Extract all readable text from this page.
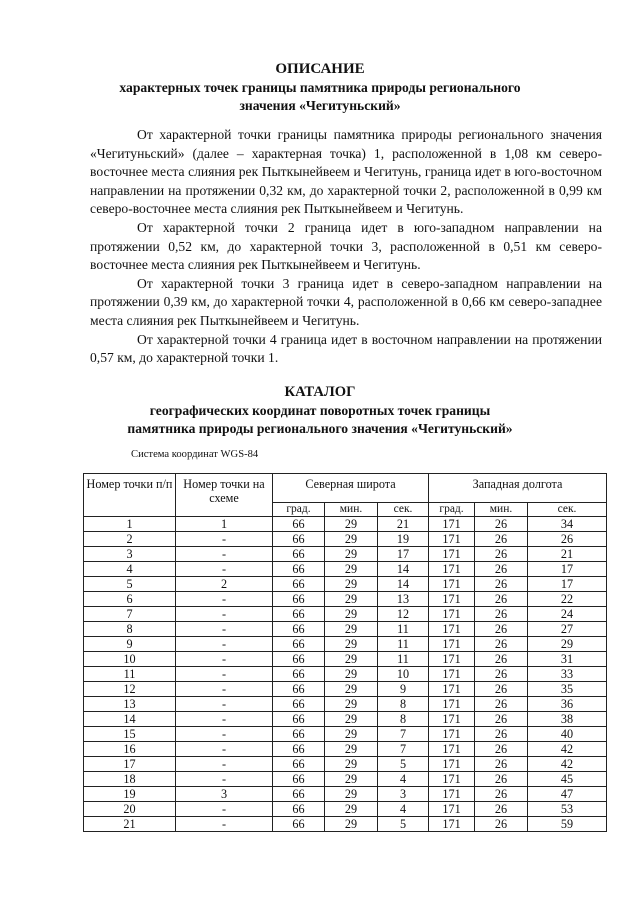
ОПИСАНИЕ
характерных точек границы памятника природы регионального
значения «Чегитуньский»

От характерной точки границы памятника природы регионального значения «Чегитуньский» (далее – характерная точка) 1, расположенной в 1,08 км северо-восточнее места слияния рек Пыткынейвеем и Чегитунь, граница идет в юго-восточном направлении на протяжении 0,32 км, до характерной точки 2, расположенной в 0,99 км северо-восточнее места слияния рек Пыткынейвеем и Чегитунь.

От характерной точки 2 граница идет в юго-западном направлении на протяжении 0,52 км, до характерной точки 3, расположенной в 0,51 км северо-восточнее места слияния рек Пыткынейвеем и Чегитунь.

От характерной точки 3 граница идет в северо-западном направлении на протяжении 0,39 км, до характерной точки 4, расположенной в 0,66 км северо-западнее места слияния рек Пыткынейвеем и Чегитунь.

От характерной точки 4 граница идет в восточном направлении на протяжении 0,57 км, до характерной точки 1.

КАТАЛОГ
географических координат поворотных точек границы
памятника природы регионального значения «Чегитуньский»
Система координат WGS-84
Номер точки п/п	Номер точки на схеме	Северная широта			Западная долгота		
		град.	мин.	сек.	град.	мин.	сек.
1	1	66	29	21	171	26	34
2	-	66	29	19	171	26	26
3	-	66	29	17	171	26	21
4	-	66	29	14	171	26	17
5	2	66	29	14	171	26	17
6	-	66	29	13	171	26	22
7	-	66	29	12	171	26	24
8	-	66	29	11	171	26	27
9	-	66	29	11	171	26	29
10	-	66	29	11	171	26	31
11	-	66	29	10	171	26	33
12	-	66	29	9	171	26	35
13	-	66	29	8	171	26	36
14	-	66	29	8	171	26	38
15	-	66	29	7	171	26	40
16	-	66	29	7	171	26	42
17	-	66	29	5	171	26	42
18	-	66	29	4	171	26	45
19	3	66	29	3	171	26	47
20	-	66	29	4	171	26	53
21	-	66	29	5	171	26	59
